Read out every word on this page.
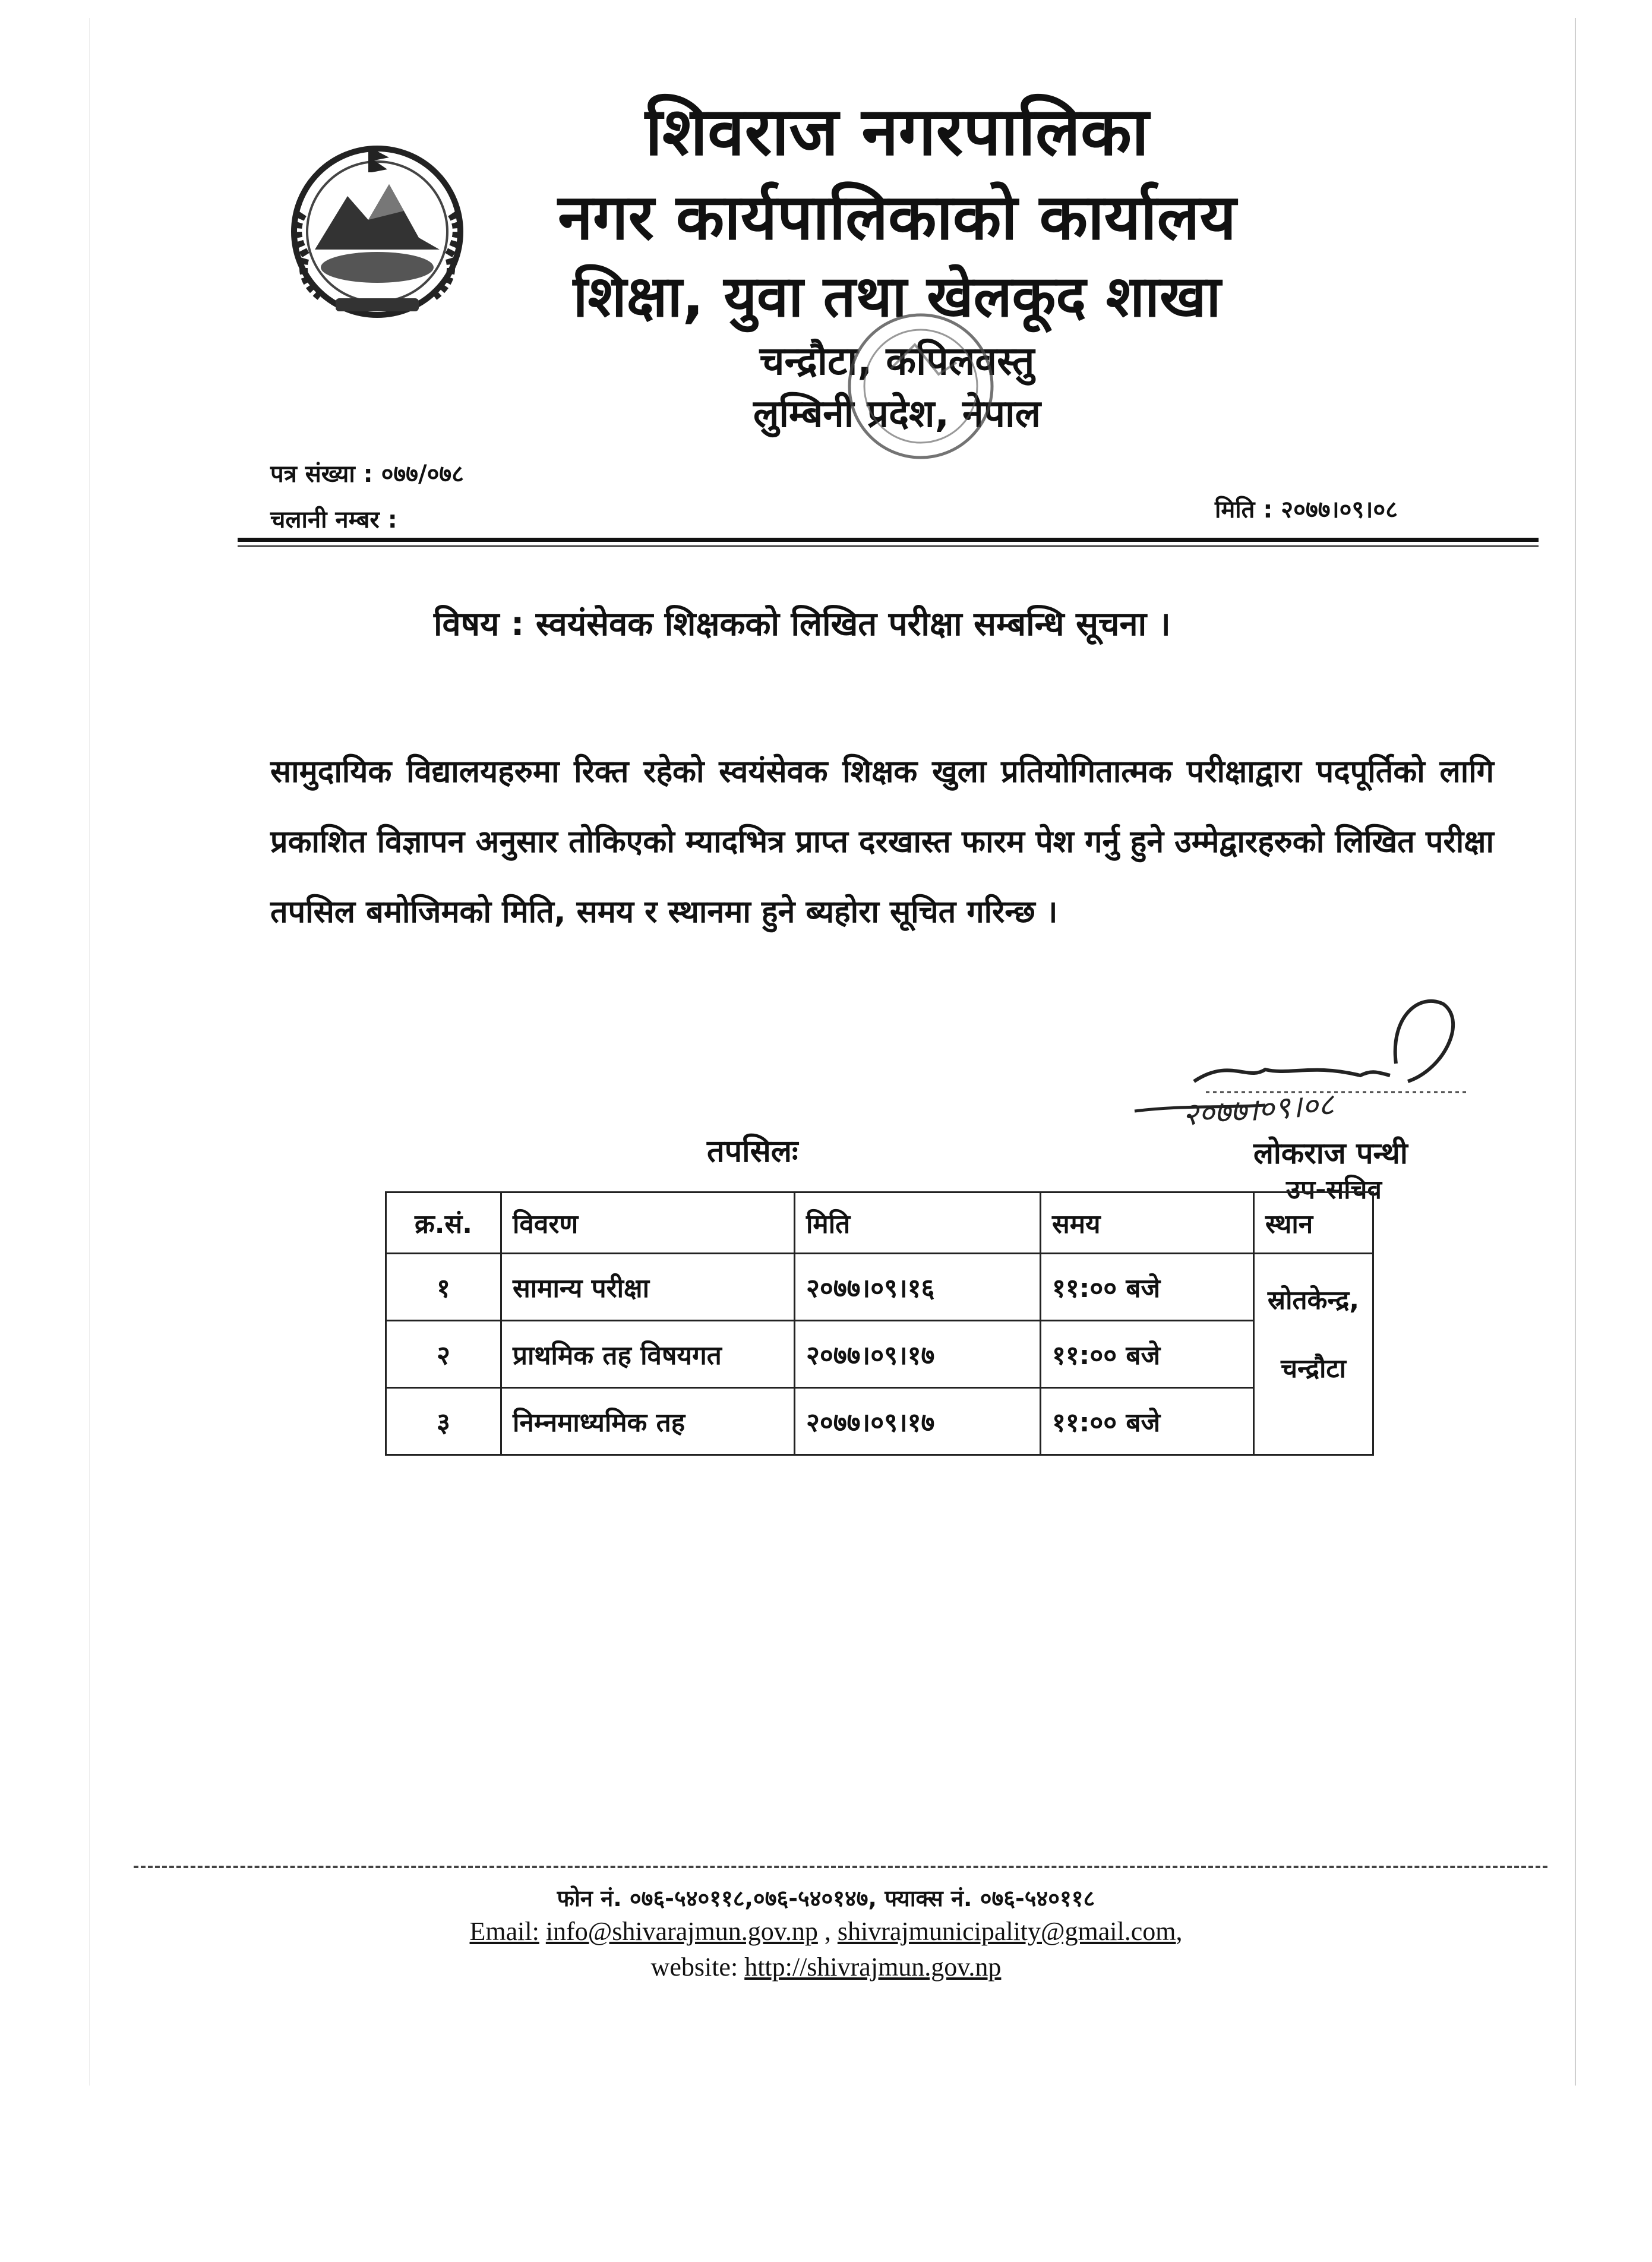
शिवराज नगरपालिका
नगर कार्यपालिकाको कार्यालय
शिक्षा, युवा तथा खेलकूद शाखा
चन्द्रौटा, कपिलवस्तु
लुम्बिनी प्रदेश, नेपाल
पत्र संख्या : ०७७/०७८
चलानी नम्बर :	मिति : २०७७।०९।०८
विषय : स्वयंसेवक शिक्षकको लिखित परीक्षा सम्बन्धि सूचना ।
सामुदायिक विद्यालयहरुमा रिक्त रहेको स्वयंसेवक शिक्षक खुला प्रतियोगितात्मक परीक्षाद्वारा पदपूर्तिको लागि प्रकाशित विज्ञापन अनुसार तोकिएको म्यादभित्र प्राप्त दरखास्त फारम पेश गर्नु हुने उम्मेद्वारहरुको लिखित परीक्षा तपसिल बमोजिमको मिति, समय र स्थानमा हुने ब्यहोरा सूचित गरिन्छ ।
२०७७।०९।०८
लोकराज पन्थी
उप-सचिव
तपसिलः
क्र.सं.	विवरण	मिति	समय	स्थान
१	सामान्य परीक्षा	२०७७।०९।१६	११:०० बजे	स्रोतकेन्द्र,
चन्द्रौटा

२	प्राथमिक तह विषयगत	२०७७।०९।१७	११:०० बजे	
३	निम्नमाध्यमिक तह	२०७७।०९।१७	११:०० बजे	
फोन नं. ०७६-५४०११८,०७६-५४०१४७, फ्याक्स नं. ०७६-५४०११८
Email: info@shivarajmun.gov.np , shivrajmunicipality@gmail.com,
website: http://shivrajmun.gov.np
